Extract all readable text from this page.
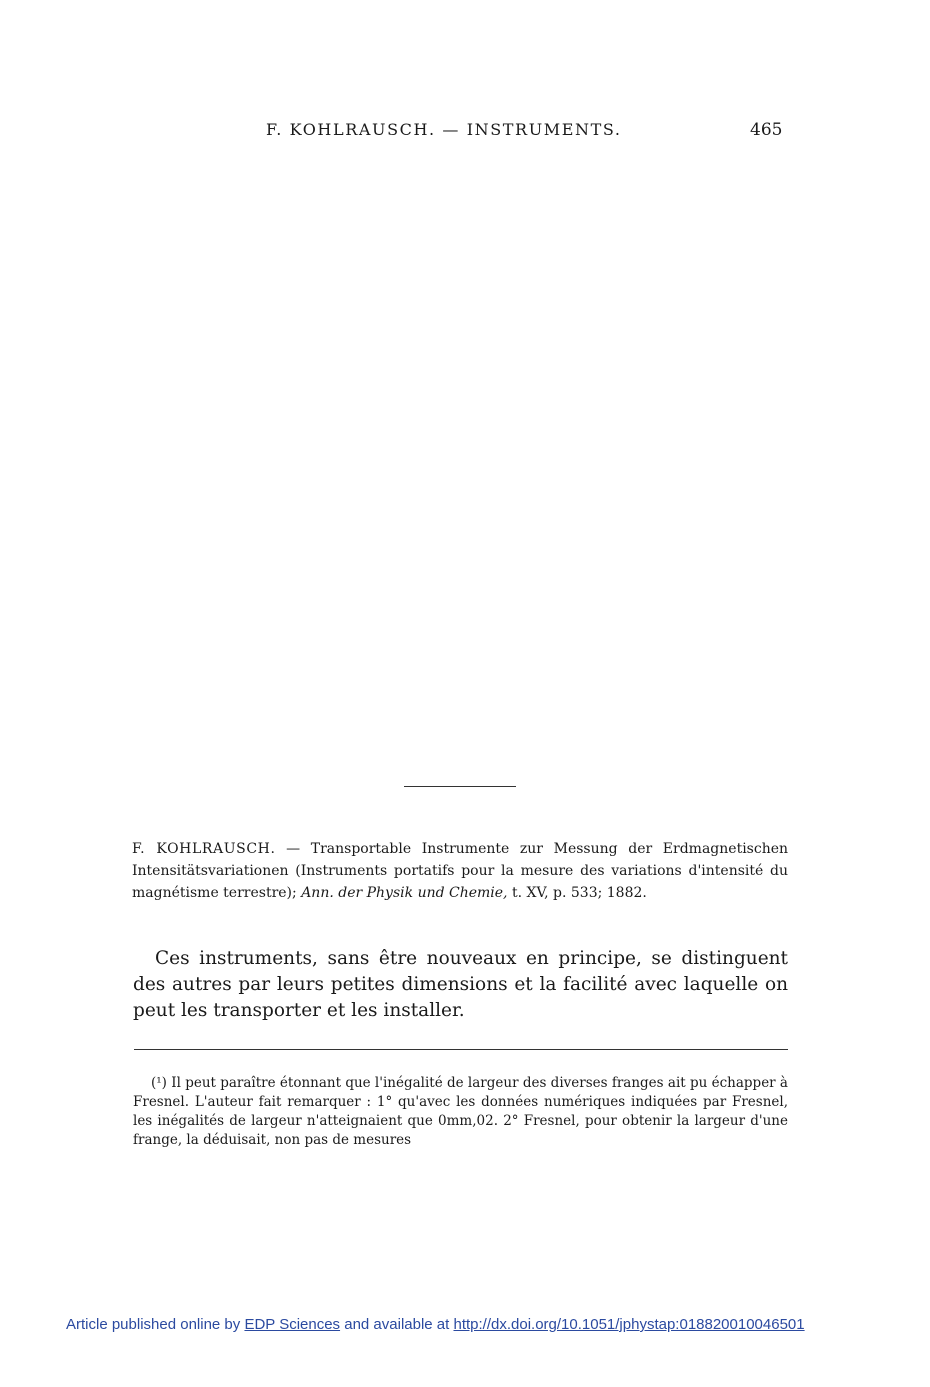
F. KOHLRAUSCH. — INSTRUMENTS.	465
F. KOHLRAUSCH. — Transportable Instrumente zur Messung der Erdmagnetischen Intensitätsvariationen (Instruments portatifs pour la mesure des variations d'intensité du magnétisme terrestre); Ann. der Physik und Chemie, t. XV, p. 533; 1882.

Ces instruments, sans être nouveaux en principe, se distinguent des autres par leurs petites dimensions et la facilité avec laquelle on peut les transporter et les installer.

(¹) Il peut paraître étonnant que l'inégalité de largeur des diverses franges ait pu échapper à Fresnel. L'auteur fait remarquer : 1° qu'avec les données numériques indiquées par Fresnel, les inégalités de largeur n'atteignaient que 0mm,02. 2° Fresnel, pour obtenir la largeur d'une frange, la déduisait, non pas de mesures

Article published online by EDP Sciences and available at http://dx.doi.org/10.1051/jphystap:018820010046501
